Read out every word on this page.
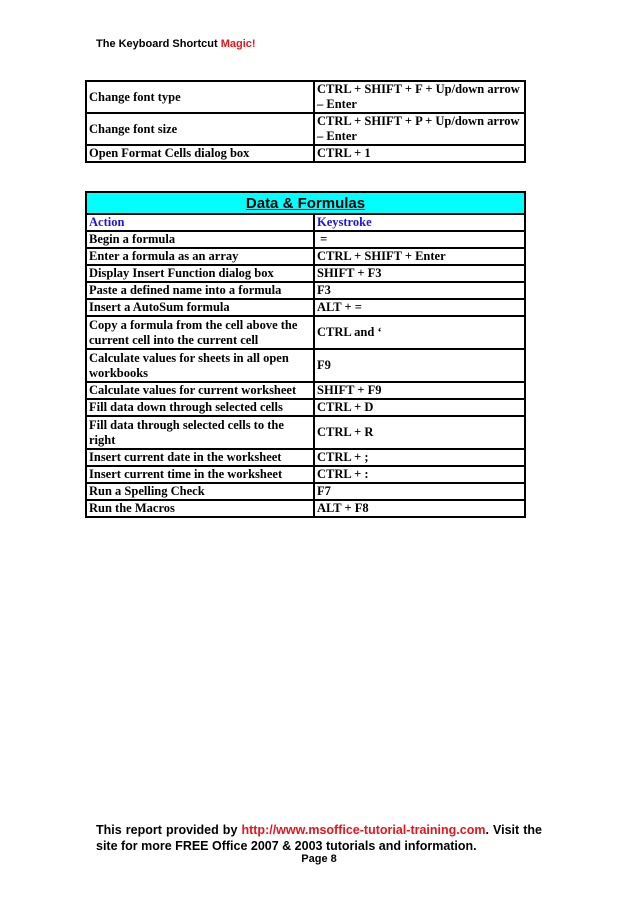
The Keyboard Shortcut Magic!
Change font type	CTRL + SHIFT + F + Up/down arrow – Enter
Change font size	CTRL + SHIFT + P + Up/down arrow – Enter
Open Format Cells dialog box	CTRL + 1
Data & Formulas	
Action	Keystroke
Begin a formula	=
Enter a formula as an array	CTRL + SHIFT + Enter
Display Insert Function dialog box	SHIFT + F3
Paste a defined name into a formula	F3
Insert a AutoSum formula	ALT + =
Copy a formula from the cell above the current cell into the current cell	CTRL and ‘
Calculate values for sheets in all open workbooks	F9
Calculate values for current worksheet	SHIFT + F9
Fill data down through selected cells	CTRL + D
Fill data through selected cells to the right	CTRL + R
Insert current date in the worksheet	CTRL + ;
Insert current time in the worksheet	CTRL + :
Run a Spelling Check	F7
Run the Macros	ALT + F8
This report provided by http://www.msoffice-tutorial-training.com. Visit the site for more FREE Office 2007 & 2003 tutorials and information.
Page 8
